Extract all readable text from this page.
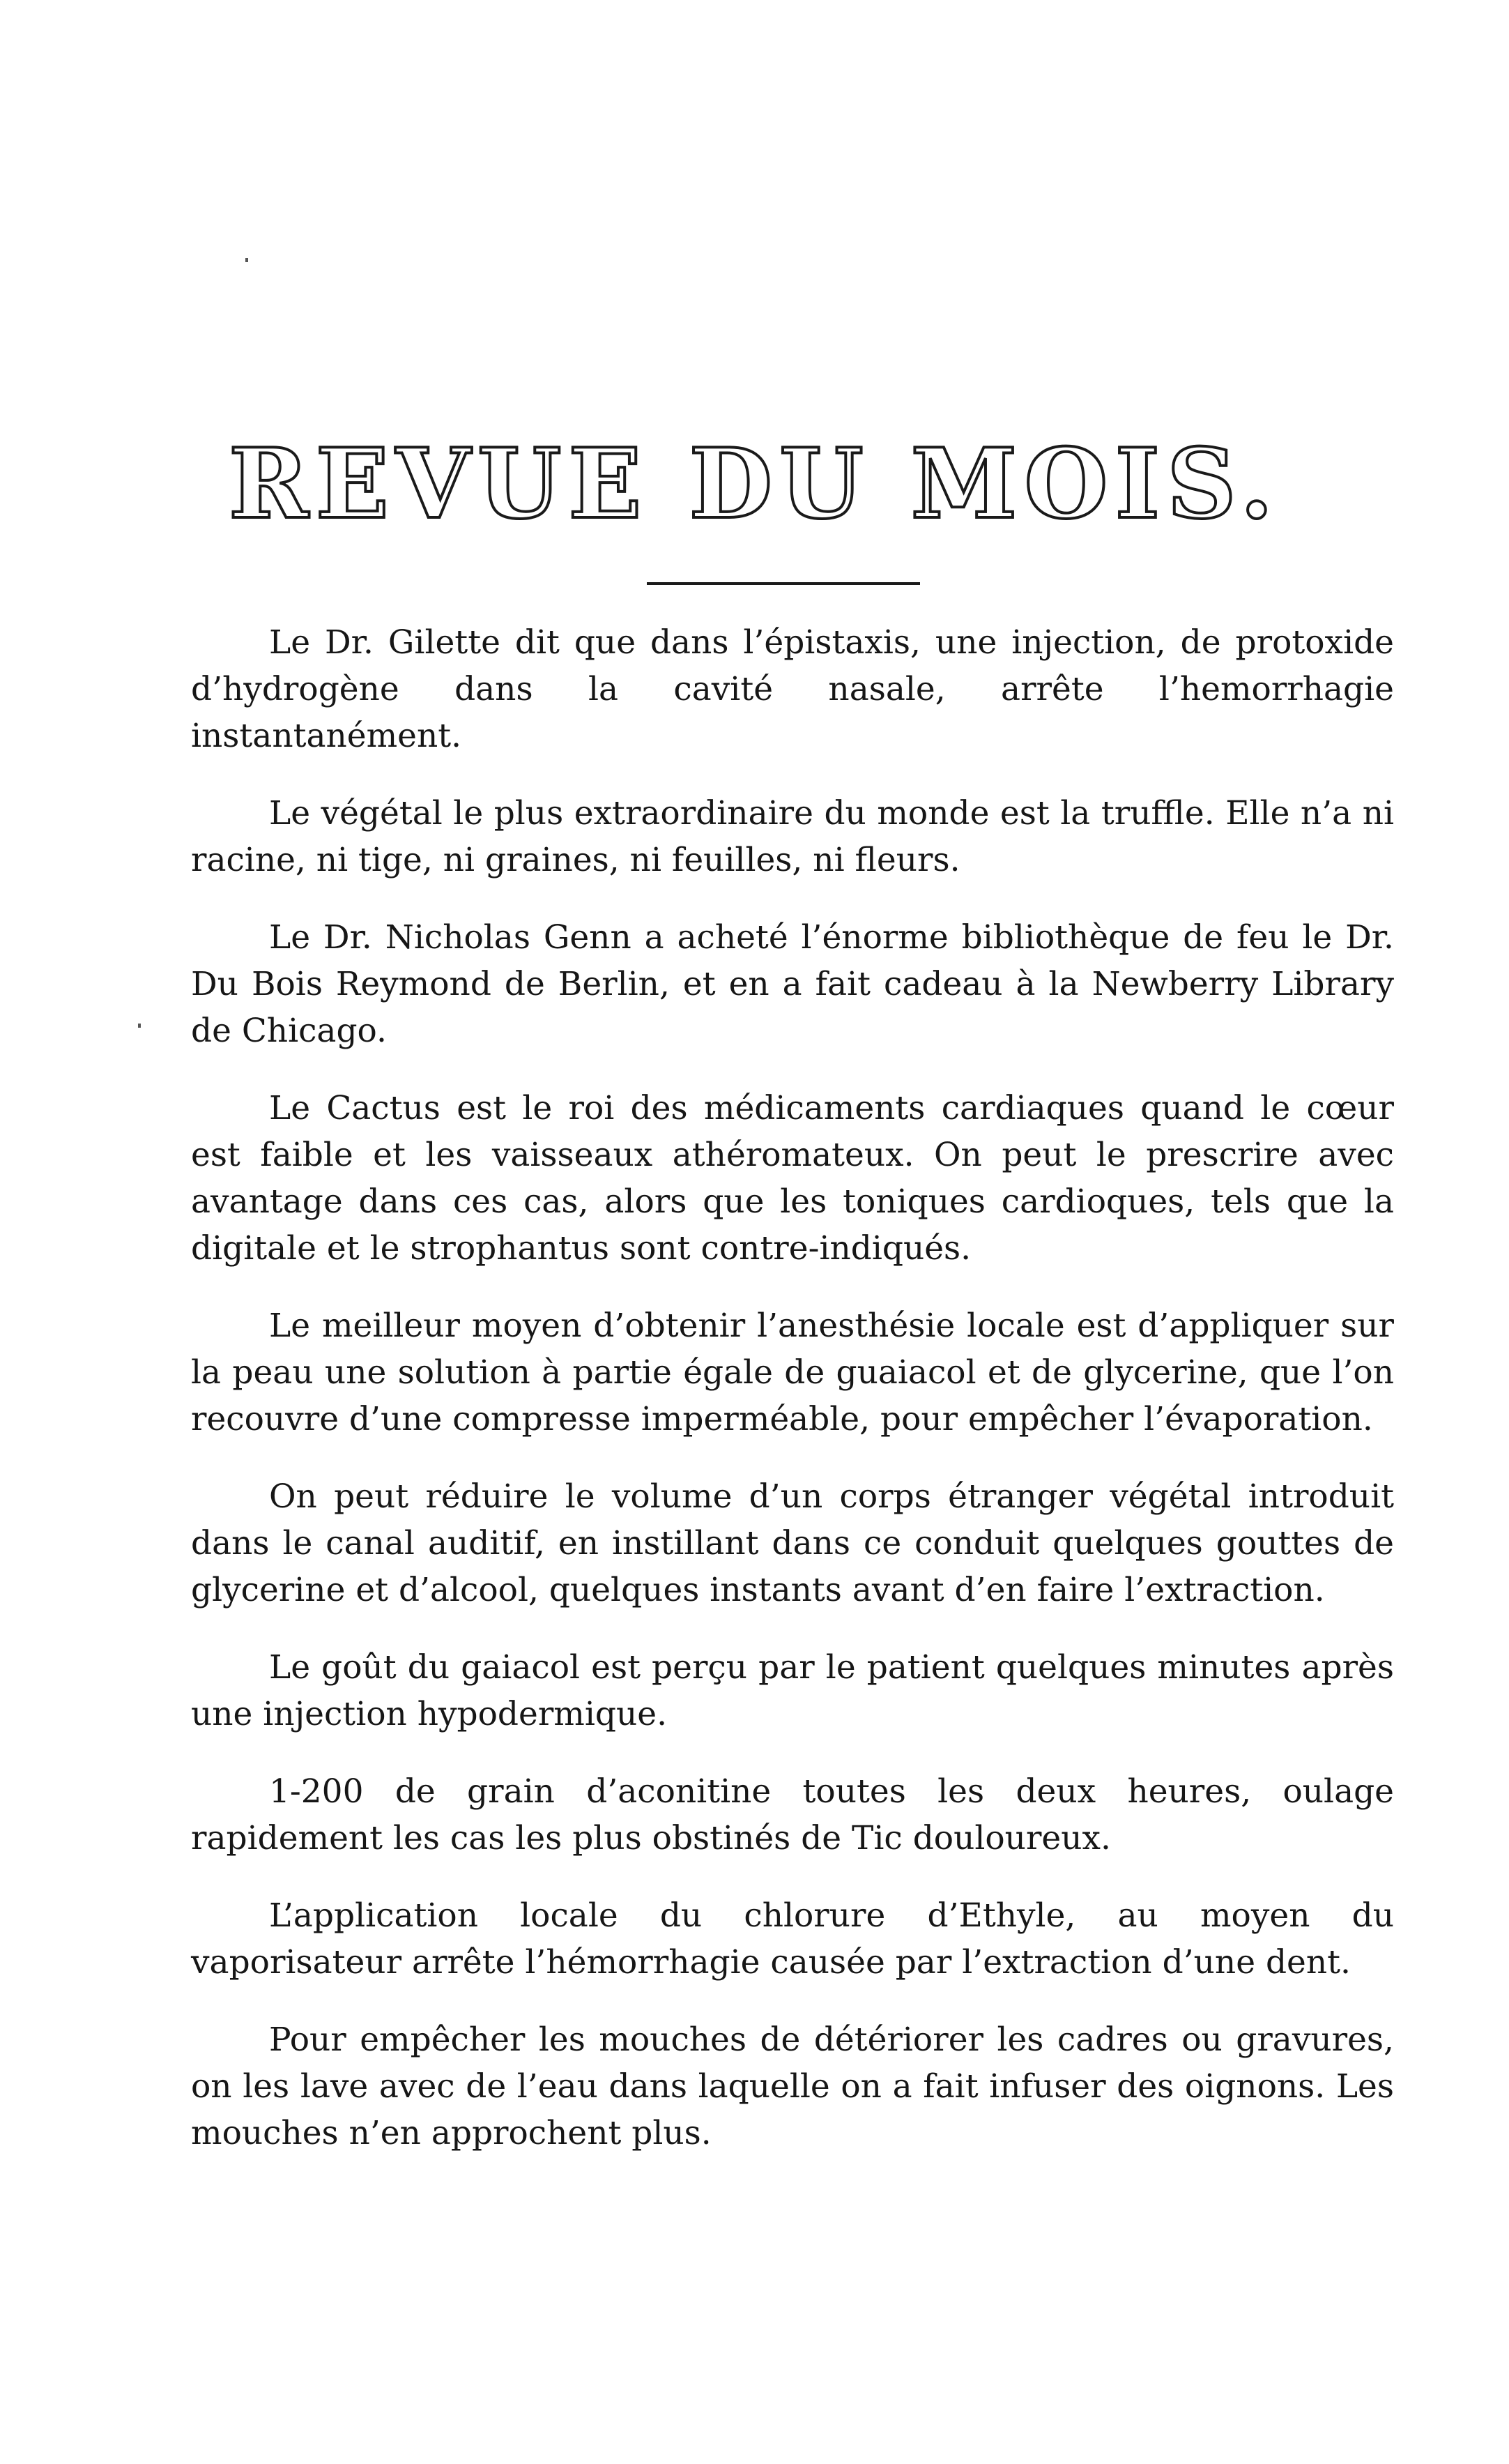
REVUE DU MOIS.

Le Dr. Gilette dit que dans l’épistaxis, une injection, de protoxide d’hydrogène dans la cavité nasale, arrête l’hemorrhagie instantanément.

Le végétal le plus extraordinaire du monde est la truffle. Elle n’a ni racine, ni tige, ni graines, ni feuilles, ni fleurs.

Le Dr. Nicholas Genn a acheté l’énorme bibliothèque de feu le Dr. Du Bois Reymond de Berlin, et en a fait cadeau à la Newberry Library de Chicago.

Le Cactus est le roi des médicaments cardiaques quand le cœur est faible et les vaisseaux athéromateux. On peut le prescrire avec avantage dans ces cas, alors que les toniques cardioques, tels que la digitale et le strophantus sont contre-indiqués.

Le meilleur moyen d’obtenir l’anesthésie locale est d’appliquer sur la peau une solution à partie égale de guaiacol et de glycerine, que l’on recouvre d’une compresse imperméable, pour empêcher l’évaporation.

On peut réduire le volume d’un corps étranger végétal introduit dans le canal auditif, en instillant dans ce conduit quelques gouttes de glycerine et d’alcool, quelques instants avant d’en faire l’extraction.

Le goût du gaiacol est perçu par le patient quelques minutes après une injection hypodermique.

1-200 de grain d’aconitine toutes les deux heures, oulage rapidement les cas les plus obstinés de Tic douloureux.

L’application locale du chlorure d’Ethyle, au moyen du vaporisateur arrête l’hémorrhagie causée par l’extraction d’une dent.

Pour empêcher les mouches de détériorer les cadres ou gravures, on les lave avec de l’eau dans laquelle on a fait infuser des oignons. Les mouches n’en approchent plus.
